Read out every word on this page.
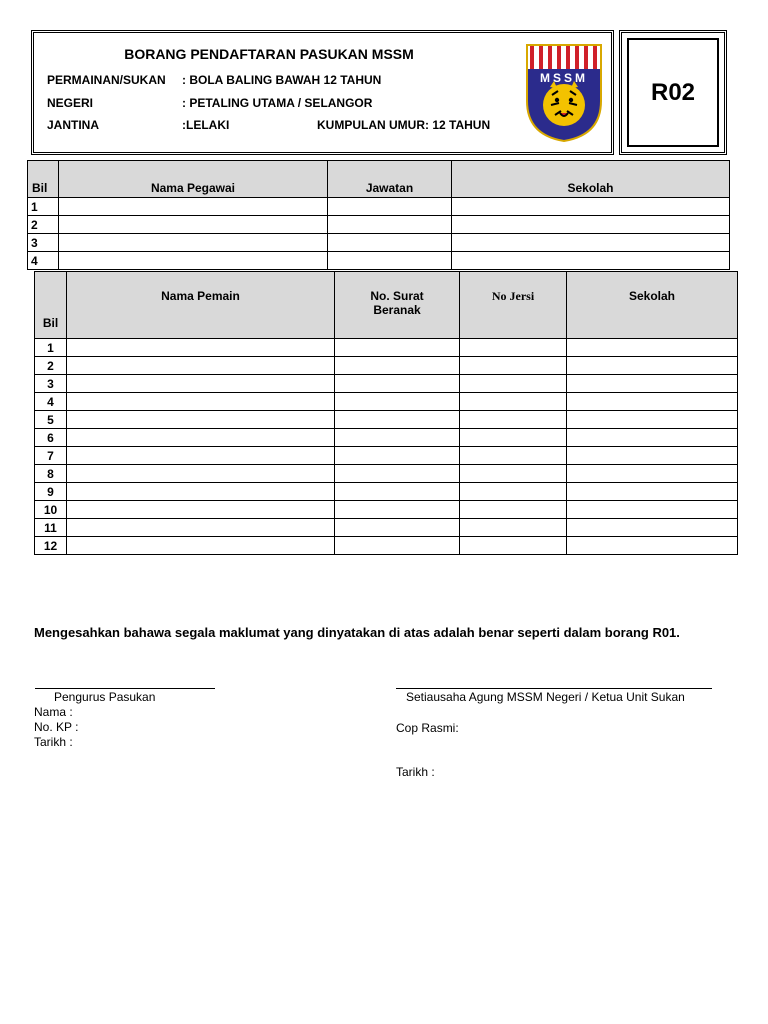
BORANG PENDAFTARAN PASUKAN MSSM
PERMAINAN/SUKAN : BOLA BALING BAWAH 12 TAHUN
NEGERI	: PETALING UTAMA / SELANGOR
JANTINA	:LELAKI	KUMPULAN UMUR: 12 TAHUN
MSSM
R02
Bil	Nama Pegawai	Jawatan	Sekolah
1			
2			
3			
4			
Bil	Nama Pemain	No. Surat Beranak	No Jersi	Sekolah
1				
2				
3				
4				
5				
6				
7				
8				
9				
10				
11				
12				
Mengesahkan bahawa segala maklumat yang dinyatakan di atas adalah benar seperti dalam borang R01.
Pengurus Pasukan
Nama :
No. KP :
Tarikh :
Setiausaha Agung MSSM Negeri / Ketua Unit Sukan
Cop Rasmi:
Tarikh :
